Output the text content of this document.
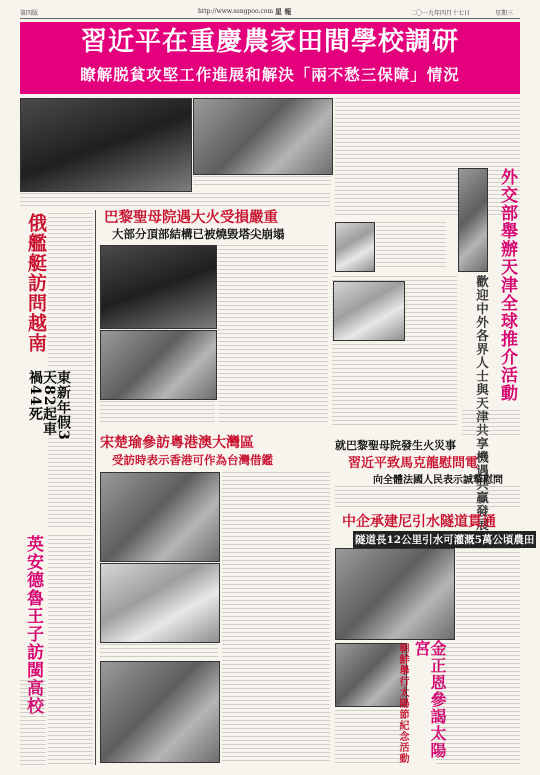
第四版	http://www.sengpoo.com 星 報	二〇一九年四月十七日	星期三
習近平在重慶農家田間學校調研
瞭解脱貧攻堅工作進展和解決「兩不愁三保障」情況
俄艦艇訪問越南
東新年假3天82起車禍44死
英安德魯王子訪閩高校
巴黎聖母院遇大火受損嚴重
大部分頂部結構已被燒毀塔尖崩塌
宋楚瑜參訪粵港澳大灣區
受訪時表示香港可作為台灣借鑑
外交部舉辦天津全球推介活動
歡迎中外各界人士與天津共享機遇共贏發展
就巴黎聖母院發生火災事
習近平致馬克龍慰問電
向全體法國人民表示誠摯慰問
中企承建尼引水隧道貫通
隧道長12公里引水可灌溉5萬公頃農田
金正恩參謁太陽宮
朝鮮舉行太陽節紀念活動
